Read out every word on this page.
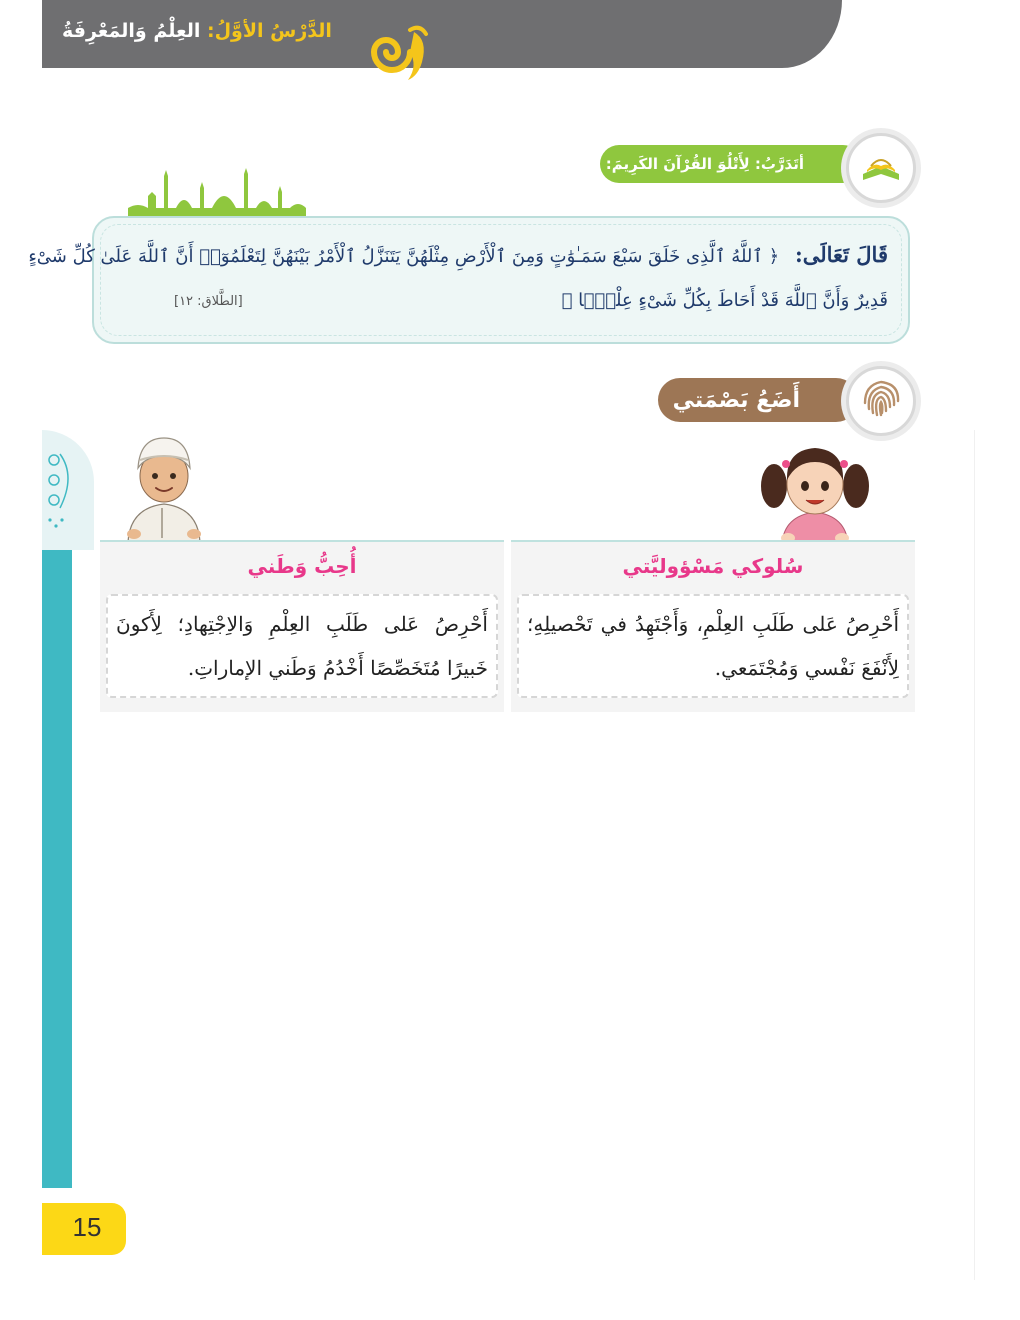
الدَّرْسُ الأوَّلُ: العِلْمُ وَالمَعْرِفَةُ
أتَدَرَّبُ: لِأَتْلُوَ القُرْآنَ الكَرِيمَ:
قَالَ تَعَالَى: ﴿ ٱللَّهُ ٱلَّذِى خَلَقَ سَبْعَ سَمَـٰوَٰتٍ وَمِنَ ٱلْأَرْضِ مِثْلَهُنَّ يَتَنَزَّلُ ٱلْأَمْرُ بَيْنَهُنَّ لِتَعْلَمُوٓا۟ أَنَّ ٱللَّهَ عَلَىٰ كُلِّ شَىْءٍ
قَدِيرٌ وَأَنَّ ٱللَّهَ قَدْ أَحَاطَ بِكُلِّ شَىْءٍ عِلْمًۢا ﴾
[الطَّلاق: ١٢]
أَضَعُ بَصْمَتي
سُلوكي مَسْؤوليَّتي
أَحْرِصُ عَلى طَلَبِ العِلْمِ، وَأَجْتَهِدُ في تَحْصيلِهِ؛ لِأَنْفَعَ نَفْسي وَمُجْتَمَعي.
أُحِبُّ وَطَني
أَحْرِصُ عَلى طَلَبِ العِلْمِ وَالاِجْتِهادِ؛ لِأَكونَ خَبيرًا مُتَخَصِّصًا أَخْدُمُ وَطَني الإماراتِ.
15
